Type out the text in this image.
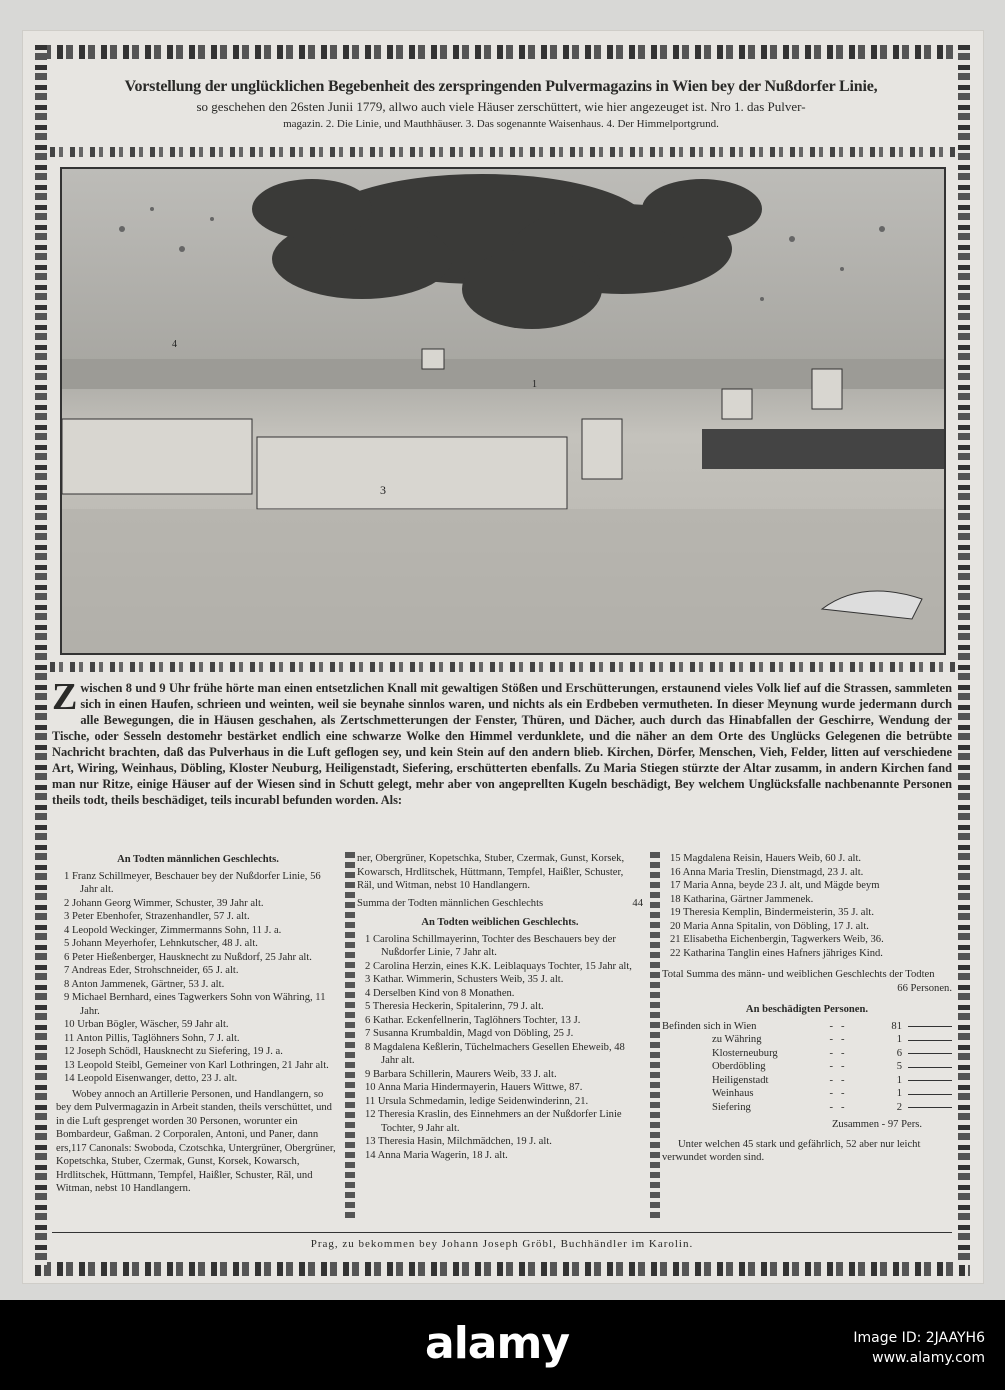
Vorstellung der unglücklichen Begebenheit des zerspringenden Pulvermagazins in Wien bey der Nußdorfer Linie,
so geschehen den 26sten Junii 1779, allwo auch viele Häuser zerschüttert, wie hier angezeuget ist. Nro 1. das Pulver-
magazin. 2. Die Linie, und Mauthhäuser. 3. Das sogenannte Waisenhaus. 4. Der Himmelportgrund.
3
1
4
Zwischen 8 und 9 Uhr frühe hörte man einen entsetzlichen Knall mit gewaltigen Stößen und Erschütterungen, erstaunend vieles Volk lief auf die Strassen, sammleten sich in einen Haufen, schrieen und weinten, weil sie beynahe sinnlos waren, und nichts als ein Erdbeben vermutheten. In dieser Meynung wurde jedermann durch alle Bewegungen, die in Häusen geschahen, als Zertschmetterungen der Fenster, Thüren, und Dächer, auch durch das Hinabfallen der Geschirre, Wendung der Tische, oder Sesseln destomehr bestärket endlich eine schwarze Wolke den Himmel verdunklete, und die näher an dem Orte des Unglücks Gelegenen die betrübte Nachricht brachten, daß das Pulverhaus in die Luft geflogen sey, und kein Stein auf den andern blieb. Kirchen, Dörfer, Menschen, Vieh, Felder, litten auf verschiedene Art, Wiring, Weinhaus, Döbling, Kloster Neuburg, Heiligenstadt, Siefering, erschütterten ebenfalls. Zu Maria Stiegen stürzte der Altar zusamm, in andern Kirchen fand man nur Ritze, einige Häuser auf der Wiesen sind in Schutt gelegt, mehr aber von angeprellten Kugeln beschädigt, Bey welchem Unglücksfalle nachbenannte Personen theils todt, theils beschädiget, teils incurabl befunden worden. Als:
An Todten männlichen Geschlechts.
1 Franz Schillmeyer, Beschauer bey der Nußdorfer Linie, 56 Jahr alt.
2 Johann Georg Wimmer, Schuster, 39 Jahr alt.
3 Peter Ebenhofer, Strazenhandler, 57 J. alt.
4 Leopold Weckinger, Zimmermanns Sohn, 11 J. a.
5 Johann Meyerhofer, Lehnkutscher, 48 J. alt.
6 Peter Hießenberger, Hausknecht zu Nußdorf, 25 Jahr alt.
7 Andreas Eder, Strohschneider, 65 J. alt.
8 Anton Jammenek, Gärtner, 53 J. alt.
9 Michael Bernhard, eines Tagwerkers Sohn von Währing, 11 Jahr.
10 Urban Bögler, Wäscher, 59 Jahr alt.
11 Anton Pillis, Taglöhners Sohn, 7 J. alt.
12 Joseph Schödl, Hausknecht zu Siefering, 19 J. a.
13 Leopold Steibl, Gemeiner von Karl Lothringen, 21 Jahr alt.
14 Leopold Eisenwanger, detto, 23 J. alt.
Wobey annoch an Artillerie Personen, und Handlangern, so bey dem Pulvermagazin in Arbeit standen, theils verschüttet, und in die Luft gesprenget worden 30 Personen, worunter ein Bombardeur, Gaßman. 2 Corporalen, Antoni, und Paner, dann ers,117 Canonals: Swoboda, Czotschka, Untergrüner, Obergrüner, Kopetschka, Stuber, Czermak, Gunst, Korsek, Kowarsch, Hrdlitschek, Hüttmann, Tempfel, Haißler, Schuster, Räl, und Witman, nebst 10 Handlangern.
ner, Obergrüner, Kopetschka, Stuber, Czermak, Gunst, Korsek, Kowarsch, Hrdlitschek, Hüttmann, Tempfel, Haißler, Schuster, Räl, und Witman, nebst 10 Handlangern.
Summa der Todten männlichen Geschlechts	44
An Todten weiblichen Geschlechts.
1 Carolina Schillmayerinn, Tochter des Beschauers bey der Nußdorfer Linie, 7 Jahr alt.
2 Carolina Herzin, eines K.K. Leiblaquays Tochter, 15 Jahr alt,
3 Kathar. Wimmerin, Schusters Weib, 35 J. alt.
4 Derselben Kind von 8 Monathen.
5 Theresia Heckerin, Spitalerinn, 79 J. alt.
6 Kathar. Eckenfellnerin, Taglöhners Tochter, 13 J.
7 Susanna Krumbaldin, Magd von Döbling, 25 J.
8 Magdalena Keßlerin, Tüchelmachers Gesellen Eheweib, 48 Jahr alt.
9 Barbara Schillerin, Maurers Weib, 33 J. alt.
10 Anna Maria Hindermayerin, Hauers Wittwe, 87.
11 Ursula Schmedamin, ledige Seidenwinderinn, 21.
12 Theresia Kraslin, des Einnehmers an der Nußdorfer Linie Tochter, 9 Jahr alt.
13 Theresia Hasin, Milchmädchen, 19 J. alt.
14 Anna Maria Wagerin, 18 J. alt.
15 Magdalena Reisin, Hauers Weib, 60 J. alt.
16 Anna Maria Treslin, Dienstmagd, 23 J. alt.
17 Maria Anna, beyde 23 J. alt, und Mägde beym
18 Katharina, Gärtner Jammenek.
19 Theresia Kemplin, Bindermeisterin, 35 J. alt.
20 Maria Anna Spitalin, von Döbling, 17 J. alt.
21 Elisabetha Eichenbergin, Tagwerkers Weib, 36.
22 Katharina Tanglin eines Hafners jähriges Kind.
Total Summa des männ- und weiblichen Geschlechts der Todten
66 Personen.
An beschädigten Personen.
Befinden sich in Wien	-   -	81
zu Währing	-   -	1
Klosterneuburg	-   -	6
Oberdöbling	-   -	5
Heiligenstadt	-   -	1
Weinhaus	-   -	1
Siefering	-   -	2
Zusammen - 97 Pers.
Unter welchen 45 stark und gefährlich, 52 aber nur leicht verwundet worden sind.
Prag, zu bekommen bey Johann Joseph Gröbl, Buchhändler im Karolin.
alamy	Image ID: 2JAAYH6
www.alamy.com
